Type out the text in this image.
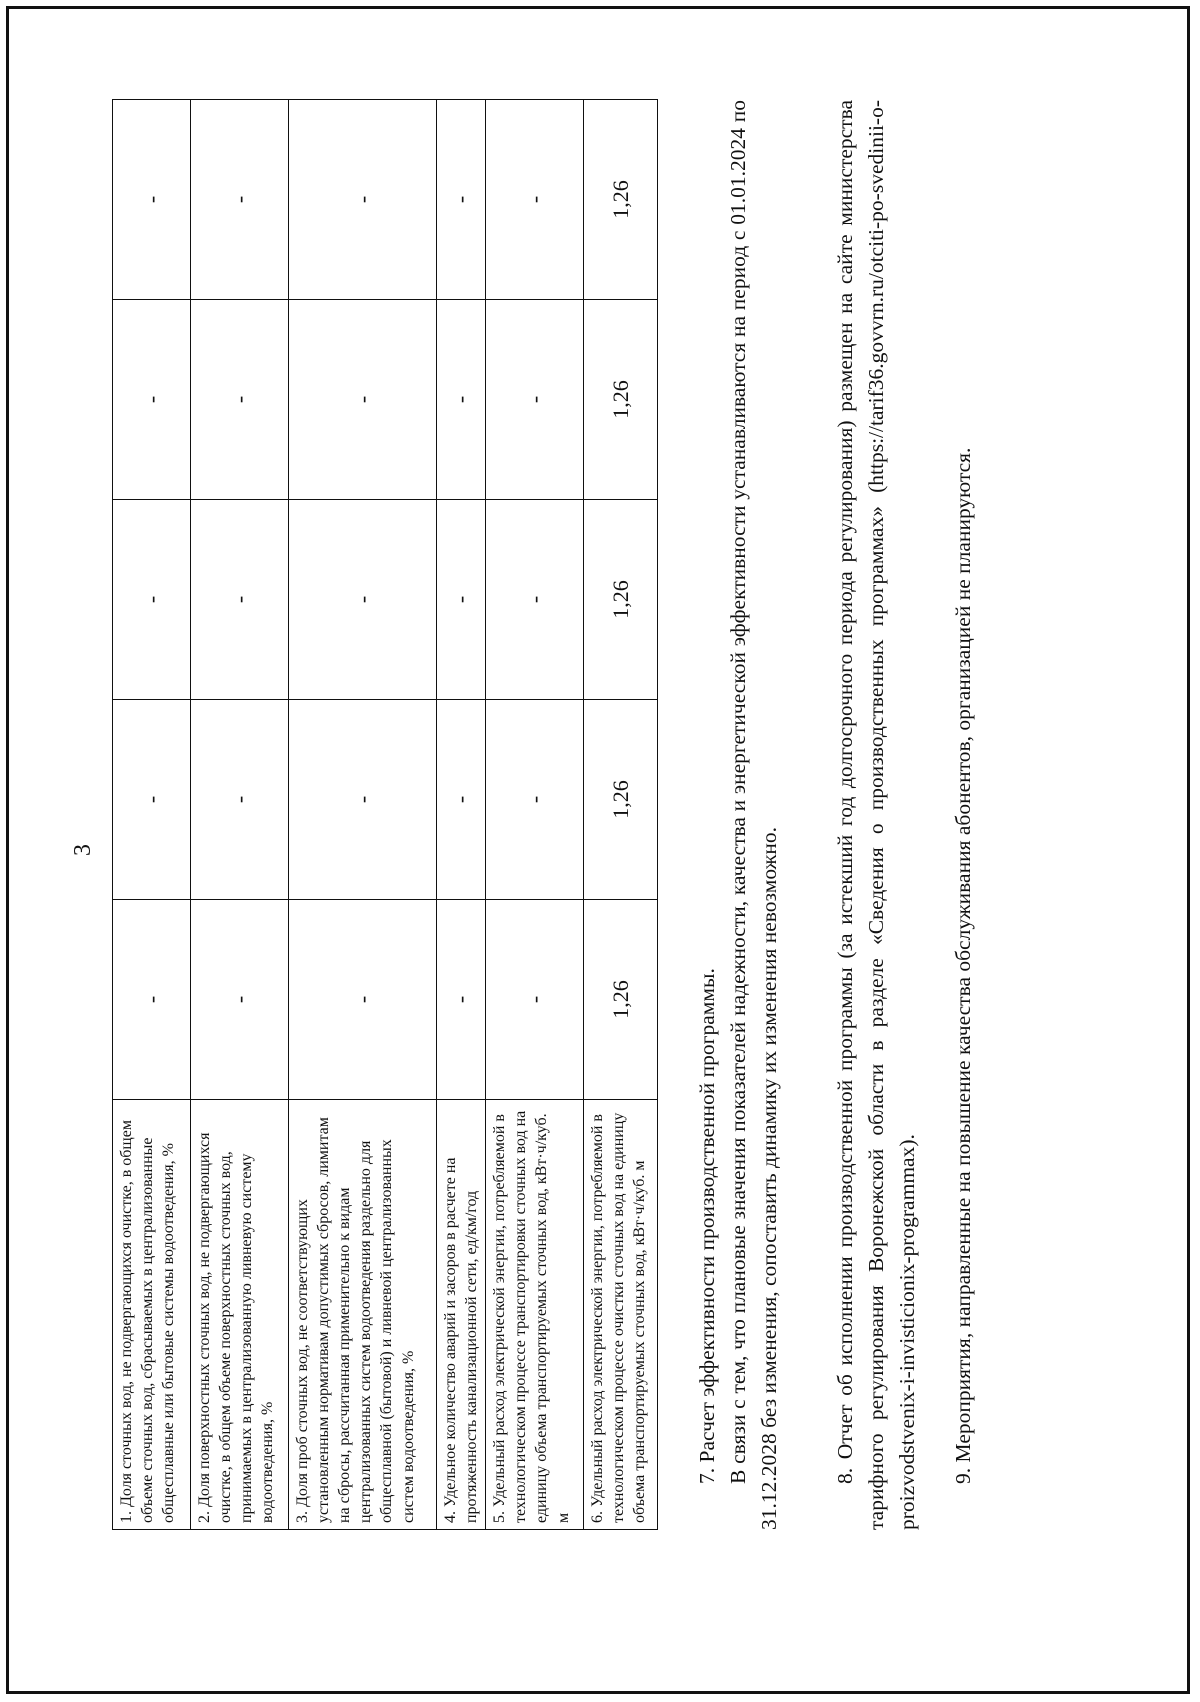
3
1. Доля сточных вод, не подвергающихся очистке, в общем объеме сточных вод, сбрасываемых в централизованные общесплавные или бытовые системы водоотведения, %	-	-	-	-	-
2. Доля поверхностных сточных вод, не подвергающихся очистке, в общем объеме поверхностных сточных вод, принимаемых в централизованную ливневую систему водоотведения, %	-	-	-	-	-
3. Доля проб сточных вод, не соответствующих установленным нормативам допустимых сбросов, лимитам на сбросы, рассчитанная применительно к видам централизованных систем водоотведения раздельно для общесплавной (бытовой) и ливневой централизованных систем водоотведения, %	-	-	-	-	-
4. Удельное количество аварий и засоров в расчете на протяженность канализационной сети, ед/км/год	-	-	-	-	-
5. Удельный расход электрической энергии, потребляемой в технологическом процессе транспортировки сточных вод на единицу объема транспортируемых сточных вод, кВт·ч/куб. м	-	-	-	-	-
6. Удельный расход электрической энергии, потребляемой в технологическом процессе очистки сточных вод на единицу объема транспортируемых сточных вод, кВт·ч/куб. м	1,26	1,26	1,26	1,26	1,26

7. Расчет эффективности производственной программы. В связи с тем, что плановые значения показателей надежности, качества и энергетической эффективности устанавливаются на период с 01.01.2024 по 31.12.2028 без изменения, сопоставить динамику их изменения невозможно. 8. Отчет об исполнении производственной программы (за истекший год долгосрочного периода регулирования) размещен на сайте министерства тарифного регулирования Воронежской области в разделе «Сведения о производственных программах» (https://tarif36.govvrn.ru/otciti-po-svedinii-o-proizvodstvenix-i-invisticionix-programmax). 9. Мероприятия, направленные на повышение качества обслуживания абонентов, организацией не планируются.
